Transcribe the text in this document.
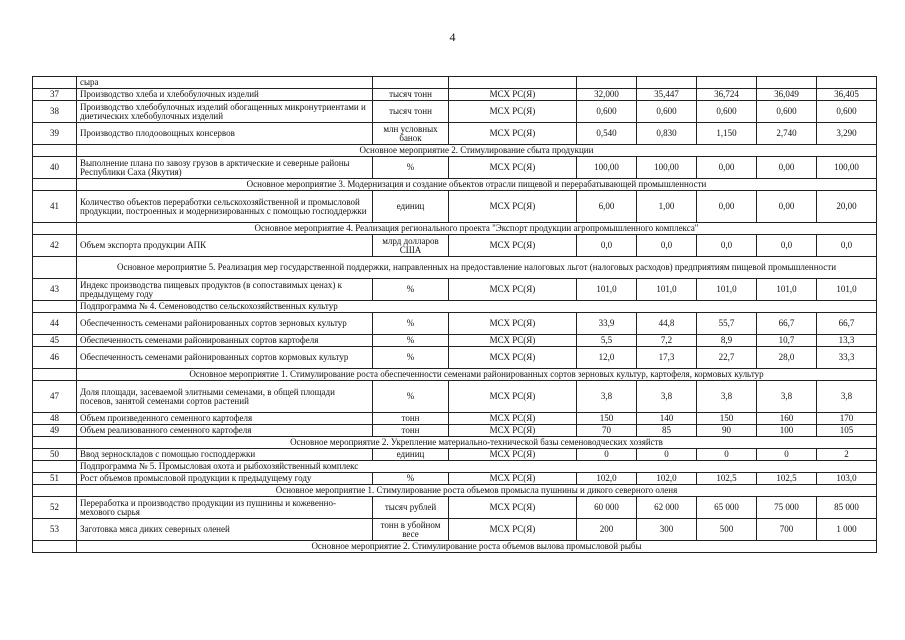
4
	сыра							
37	Производство хлеба и хлебобулочных изделий	тысяч тонн	МСХ РС(Я)	32,000	35,447	36,724	36,049	36,405
38	Производство хлебобулочных изделий обогащенных микронутриентами и диетических хлебобулочных изделий	тысяч тонн	МСХ РС(Я)	0,600	0,600	0,600	0,600	0,600
39	Производство плодоовощных консервов	млн условных банок	МСХ РС(Я)	0,540	0,830	1,150	2,740	3,290
	Основное мероприятие 2. Стимулирование сбыта продукции							
40	Выполнение плана по завозу грузов в арктические и северные районы Республики Саха (Якутия)	%	МСХ РС(Я)	100,00	100,00	0,00	0,00	100,00
	Основное мероприятие 3. Модернизация и создание объектов отрасли пищевой и перерабатывающей промышленности							
41	Количество объектов переработки сельскохозяйственной и промысловой продукции, построенных и модернизированных с помощью господдержки	единиц	МСХ РС(Я)	6,00	1,00	0,00	0,00	20,00
	Основное мероприятие 4. Реализация регионального проекта "Экспорт продукции агропромышленного комплекса"							
42	Объем экспорта продукции АПК	млрд долларов США	МСХ РС(Я)	0,0	0,0	0,0	0,0	0,0
	Основное мероприятие 5. Реализация мер государственной поддержки, направленных на предоставление налоговых льгот (налоговых расходов) предприятиям пищевой промышленности							
43	Индекс производства пищевых продуктов (в сопоставимых ценах) к предыдущему году	%	МСХ РС(Я)	101,0	101,0	101,0	101,0	101,0
	Подпрограмма № 4. Семеноводство сельскохозяйственных культур							
44	Обеспеченность семенами районированных сортов зерновых культур	%	МСХ РС(Я)	33,9	44,8	55,7	66,7	66,7
45	Обеспеченность семенами районированных сортов картофеля	%	МСХ РС(Я)	5,5	7,2	8,9	10,7	13,3
46	Обеспеченность семенами районированных сортов кормовых культур	%	МСХ РС(Я)	12,0	17,3	22,7	28,0	33,3
	Основное мероприятие 1. Стимулирование роста обеспеченности семенами районированных сортов зерновых культур, картофеля, кормовых культур							
47	Доля площади, засеваемой элитными семенами, в общей площади посевов, занятой семенами сортов растений	%	МСХ РС(Я)	3,8	3,8	3,8	3,8	3,8
48	Объем произведенного семенного картофеля	тонн	МСХ РС(Я)	150	140	150	160	170
49	Объем реализованного семенного картофеля	тонн	МСХ РС(Я)	70	85	90	100	105
	Основное мероприятие 2. Укрепление материально-технической базы семеноводческих хозяйств							
50	Ввод зерноскладов с помощью господдержки	единиц	МСХ РС(Я)	0	0	0	0	2
	Подпрограмма № 5. Промысловая охота и рыбохозяйственный комплекс							
51	Рост объемов промысловой продукции к предыдущему году	%	МСХ РС(Я)	102,0	102,0	102,5	102,5	103,0
	Основное мероприятие 1. Стимулирование роста объемов промысла пушнины и дикого северного оленя							
52	Переработка и производство продукции из пушнины и кожевенно-мехового сырья	тысяч рублей	МСХ РС(Я)	60 000	62 000	65 000	75 000	85 000
53	Заготовка мяса диких северных оленей	тонн в убойном весе	МСХ РС(Я)	200	300	500	700	1 000
	Основное мероприятие 2. Стимулирование роста объемов вылова промысловой рыбы							
